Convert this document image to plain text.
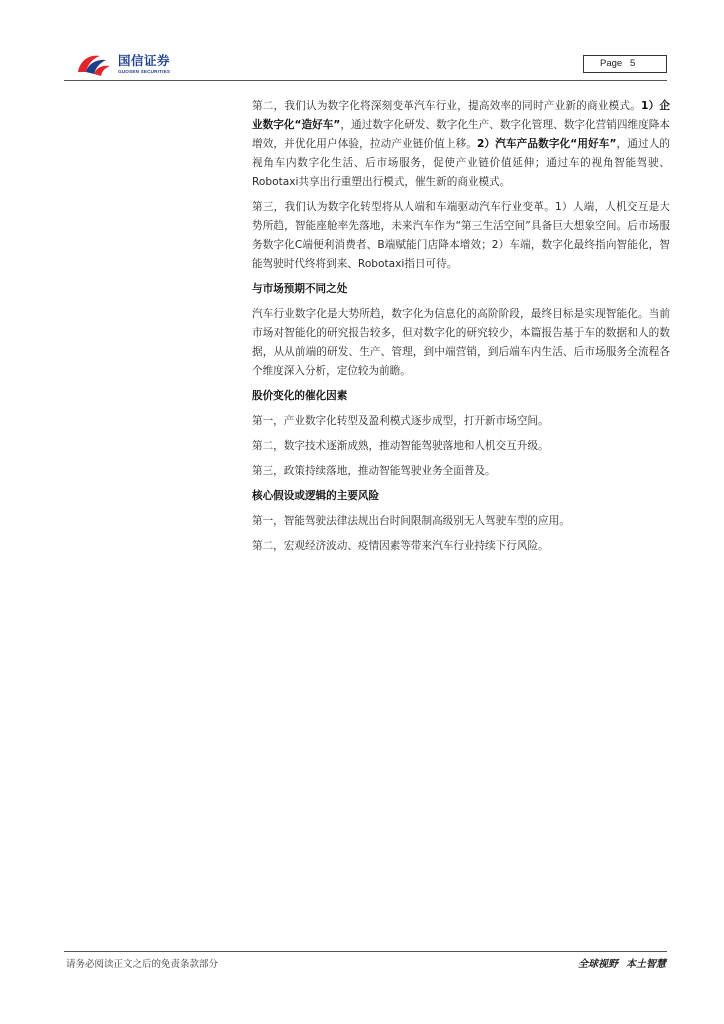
国信证券
GUOSEN SECURITIES
Page 5

第二，我们认为数字化将深刻变革汽车行业，提高效率的同时产业新的商业模式。1）企业数字化“造好车”，通过数字化研发、数字化生产、数字化管理、数字化营销四维度降本增效，并优化用户体验，拉动产业链价值上移。2）汽车产品数字化“用好车”，通过人的视角车内数字化生活、后市场服务，促使产业链价值延伸；通过车的视角智能驾驶、Robotaxi共享出行重塑出行模式，催生新的商业模式。

第三，我们认为数字化转型将从人端和车端驱动汽车行业变革。1）人端，人机交互是大势所趋，智能座舱率先落地，未来汽车作为“第三生活空间”具备巨大想象空间。后市场服务数字化C端便利消费者、B端赋能门店降本增效；2）车端，数字化最终指向智能化，智能驾驶时代终将到来、Robotaxi指日可待。

与市场预期不同之处

汽车行业数字化是大势所趋，数字化为信息化的高阶阶段，最终目标是实现智能化。当前市场对智能化的研究报告较多，但对数字化的研究较少，本篇报告基于车的数据和人的数据，从从前端的研发、生产、管理，到中端营销，到后端车内生活、后市场服务全流程各个维度深入分析，定位较为前瞻。

股价变化的催化因素

第一，产业数字化转型及盈利模式逐步成型，打开新市场空间。

第二，数字技术逐渐成熟，推动智能驾驶落地和人机交互升级。

第三，政策持续落地，推动智能驾驶业务全面普及。

核心假设或逻辑的主要风险

第一，智能驾驶法律法规出台时间限制高级别无人驾驶车型的应用。

第二，宏观经济波动、疫情因素等带来汽车行业持续下行风险。

请务必阅读正文之后的免责条款部分	全球视野 本土智慧
